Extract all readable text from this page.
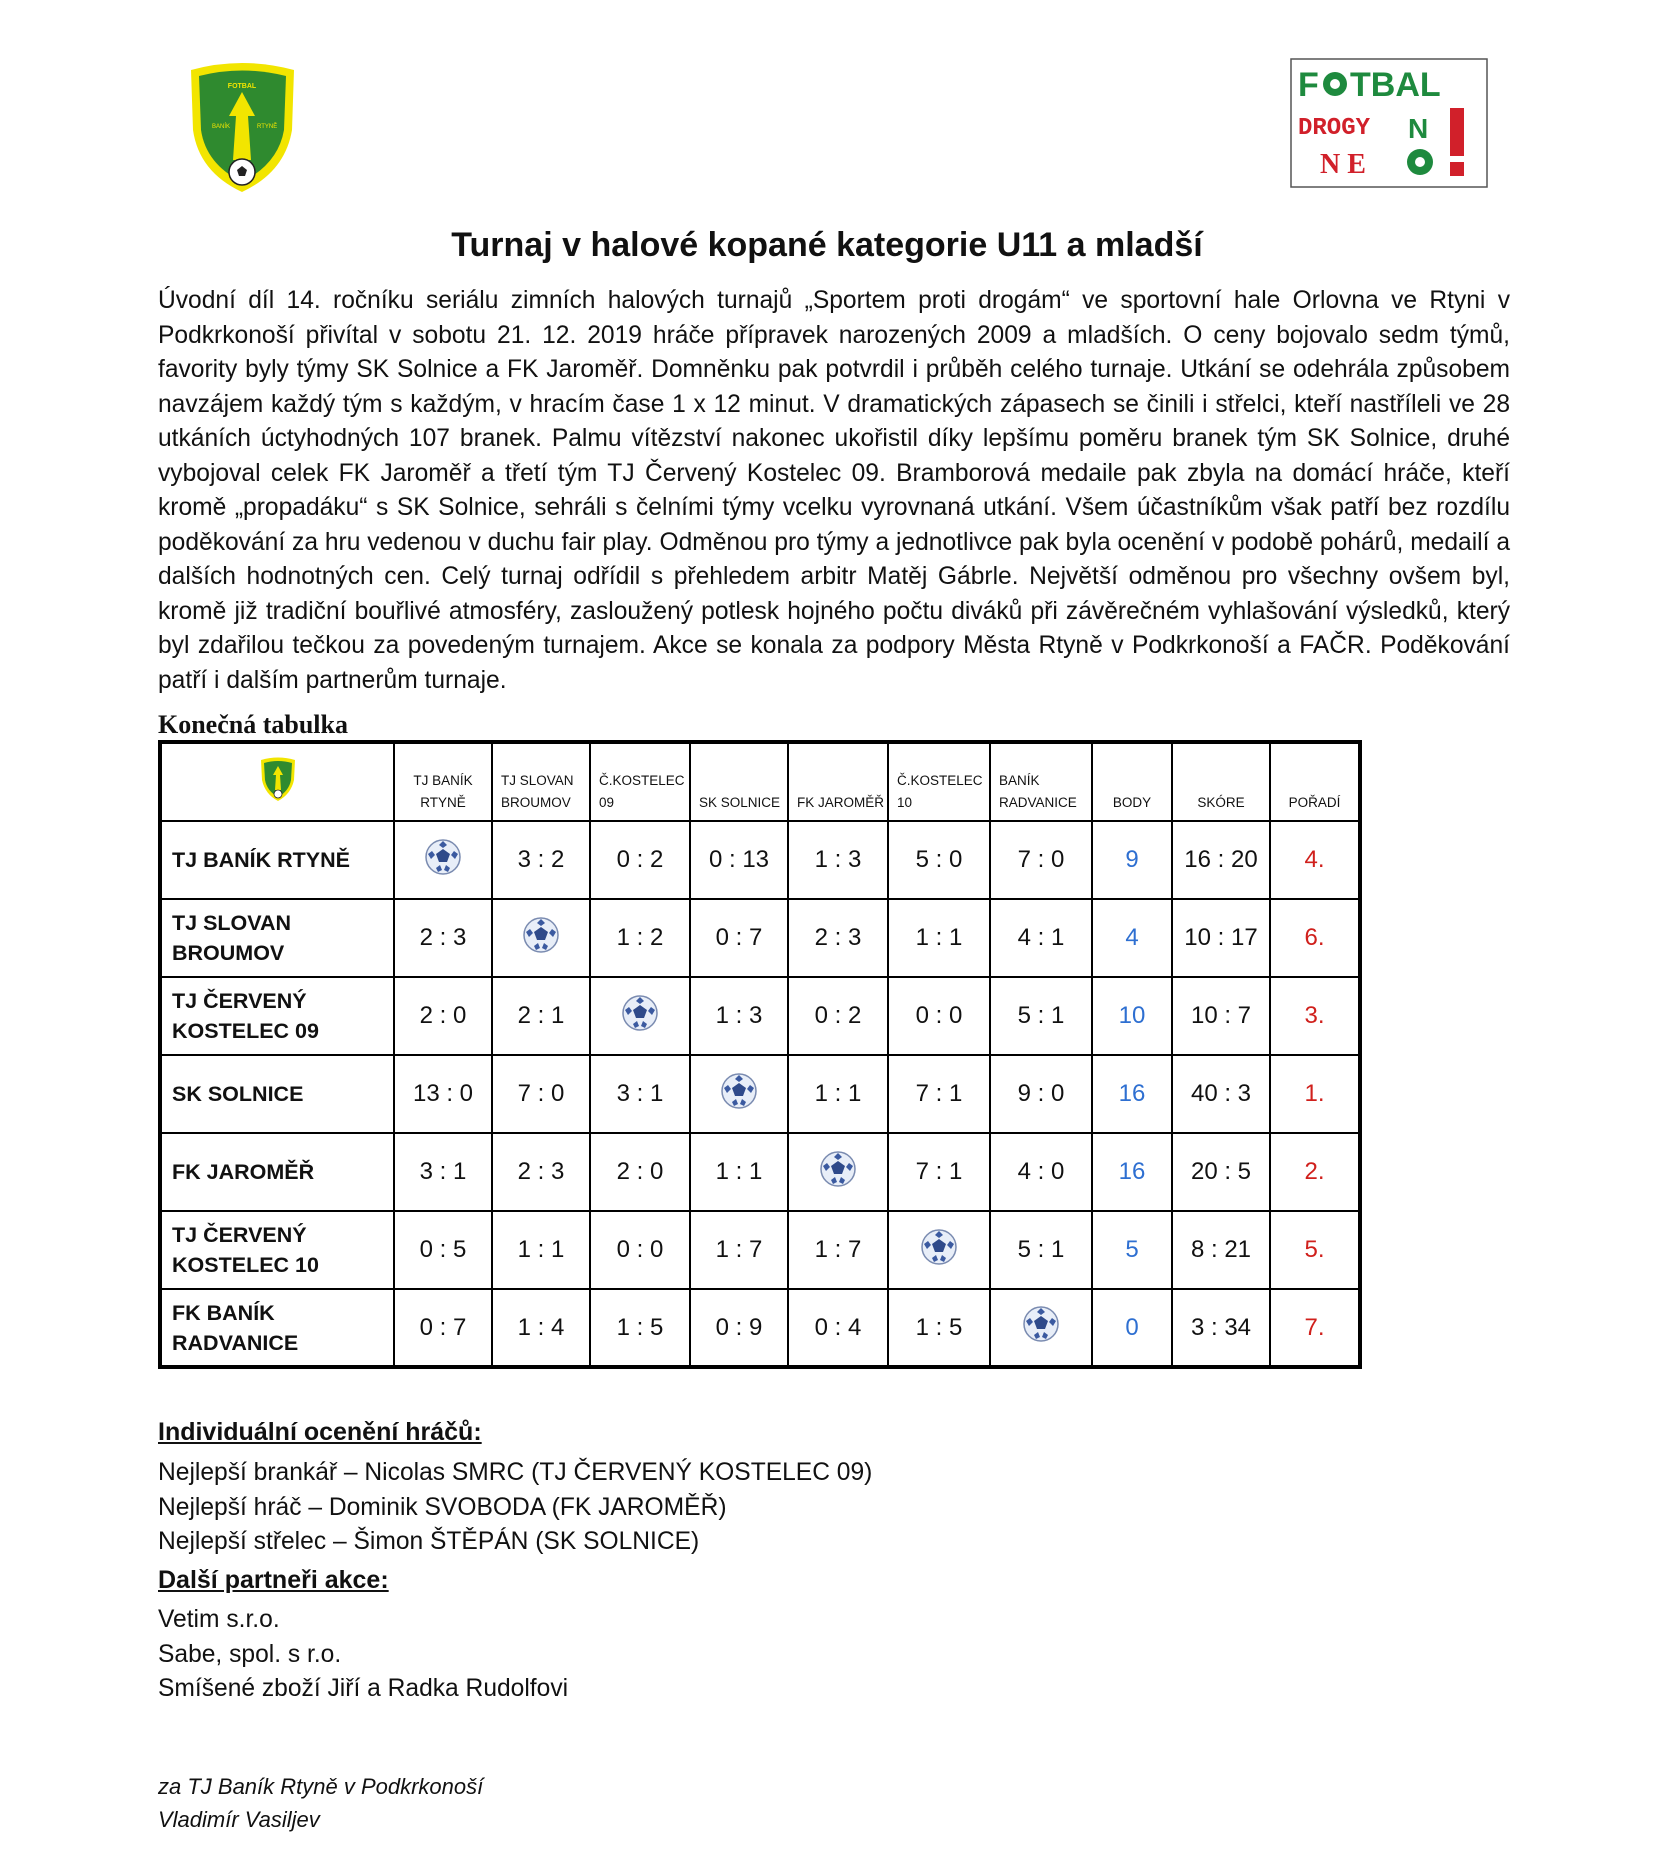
FOTBAL
BANÍK	RTYNĚ
F TBAL
DROGY N
N E
Turnaj v halové kopané kategorie U11 a mladší

Úvodní díl 14. ročníku seriálu zimních halových turnajů „Sportem proti drogám“ ve sportovní hale Orlovna ve Rtyni v Podkrkonoší přivítal v sobotu 21. 12. 2019 hráče přípravek narozených 2009 a mladších. O ceny bojovalo sedm týmů, favority byly týmy SK Solnice a FK Jaroměř. Domněnku pak potvrdil i průběh celého turnaje. Utkání se odehrála způsobem navzájem každý tým s každým, v hracím čase 1 x 12 minut. V dramatických zápasech se činili i střelci, kteří nastříleli ve 28 utkáních úctyhodných 107 branek. Palmu vítězství nakonec ukořistil díky lepšímu poměru branek tým SK Solnice, druhé vybojoval celek FK Jaroměř a třetí tým TJ Červený Kostelec 09. Bramborová medaile pak zbyla na domácí hráče, kteří kromě „propadáku“ s SK Solnice, sehráli s čelními týmy vcelku vyrovnaná utkání. Všem účastníkům však patří bez rozdílu poděkování za hru vedenou v duchu fair play. Odměnou pro týmy a jednotlivce pak byla ocenění v podobě pohárů, medailí a dalších hodnotných cen. Celý turnaj odřídil s přehledem arbitr Matěj Gábrle. Největší odměnou pro všechny ovšem byl, kromě již tradiční bouřlivé atmosféry, zasloužený potlesk hojného počtu diváků při závěrečném vyhlašování výsledků, který byl zdařilou tečkou za povedeným turnajem. Akce se konala za podpory Města Rtyně v Podkrkonoší a FAČR. Poděkování patří i dalším partnerům turnaje.

Konečná tabulka
	TJ BANÍK RTYNĚ	TJ SLOVAN BROUMOV	Č.KOSTELEC 09	SK SOLNICE	FK JAROMĚŘ	Č.KOSTELEC 10	BANÍK RADVANICE	BODY	SKÓRE	POŘADÍ
TJ BANÍK RTYNĚ		3 : 2	0 : 2	0 : 13	1 : 3	5 : 0	7 : 0	9	16 : 20	4.
TJ SLOVAN BROUMOV	2 : 3		1 : 2	0 : 7	2 : 3	1 : 1	4 : 1	4	10 : 17	6.
TJ ČERVENÝ KOSTELEC 09	2 : 0	2 : 1		1 : 3	0 : 2	0 : 0	5 : 1	10	10 : 7	3.
SK SOLNICE	13 : 0	7 : 0	3 : 1		1 : 1	7 : 1	9 : 0	16	40 : 3	1.
FK JAROMĚŘ	3 : 1	2 : 3	2 : 0	1 : 1		7 : 1	4 : 0	16	20 : 5	2.
TJ ČERVENÝ KOSTELEC 10	0 : 5	1 : 1	0 : 0	1 : 7	1 : 7		5 : 1	5	8 : 21	5.
FK BANÍK RADVANICE	0 : 7	1 : 4	1 : 5	0 : 9	0 : 4	1 : 5		0	3 : 34	7.
Individuální ocenění hráčů:
Nejlepší brankář – Nicolas SMRC (TJ ČERVENÝ KOSTELEC 09)
Nejlepší hráč – Dominik SVOBODA (FK JAROMĚŘ)
Nejlepší střelec – Šimon ŠTĚPÁN (SK SOLNICE)
Další partneři akce:
Vetim s.r.o.
Sabe, spol. s r.o.
Smíšené zboží Jiří a Radka Rudolfovi
za TJ Baník Rtyně v Podkrkonoší
Vladimír Vasiljev
